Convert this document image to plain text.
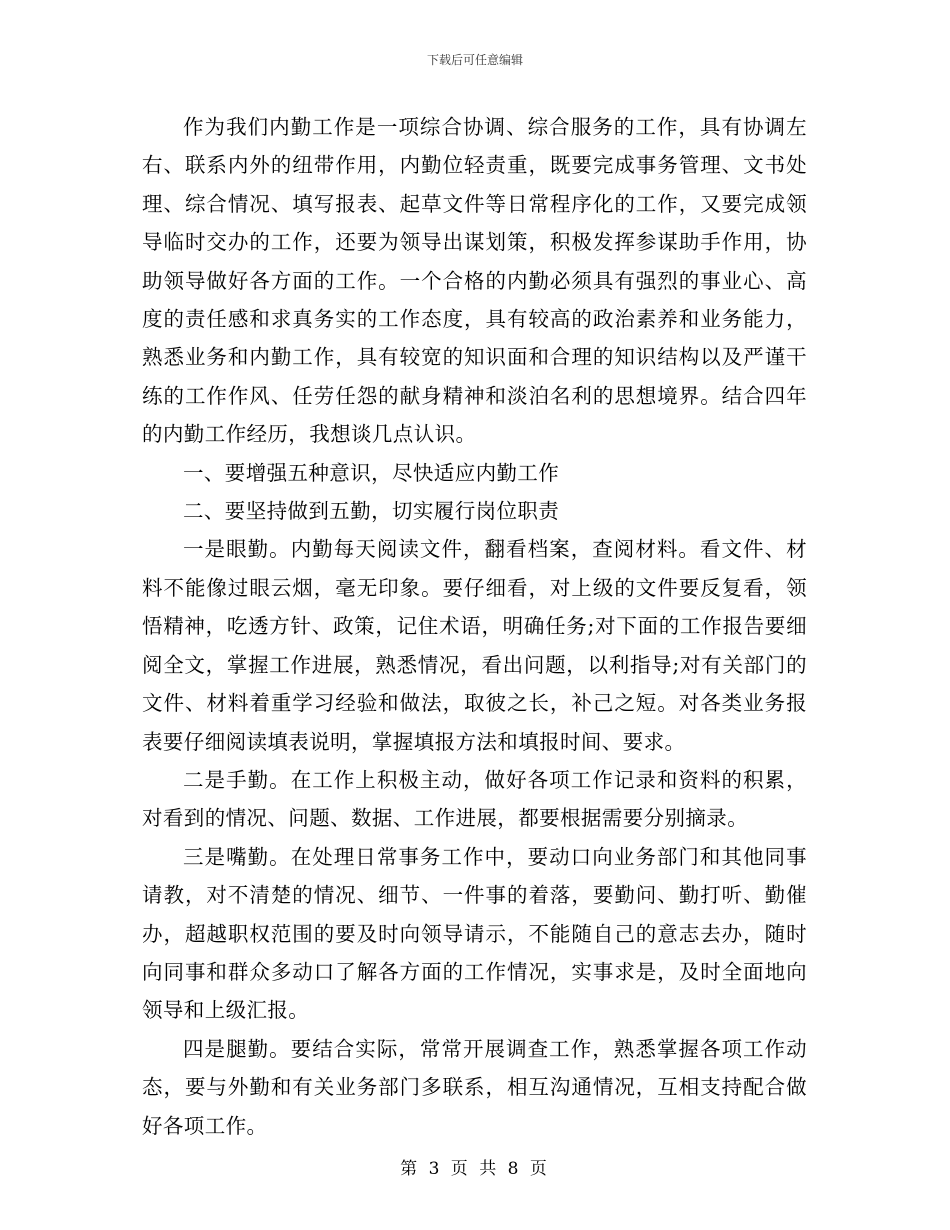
下载后可任意编辑

作为我们内勤工作是一项综合协调、综合服务的工作，具有协调左右、联系内外的纽带作用，内勤位轻责重，既要完成事务管理、文书处理、综合情况、填写报表、起草文件等日常程序化的工作，又要完成领导临时交办的工作，还要为领导出谋划策，积极发挥参谋助手作用，协助领导做好各方面的工作。一个合格的内勤必须具有强烈的事业心、高度的责任感和求真务实的工作态度，具有较高的政治素养和业务能力，熟悉业务和内勤工作，具有较宽的知识面和合理的知识结构以及严谨干练的工作作风、任劳任怨的献身精神和淡泊名利的思想境界。结合四年的内勤工作经历，我想谈几点认识。

一、要增强五种意识，尽快适应内勤工作

二、要坚持做到五勤，切实履行岗位职责

一是眼勤。内勤每天阅读文件，翻看档案，查阅材料。看文件、材料不能像过眼云烟，毫无印象。要仔细看，对上级的文件要反复看，领悟精神，吃透方针、政策，记住术语，明确任务;对下面的工作报告要细阅全文，掌握工作进展，熟悉情况，看出问题，以利指导;对有关部门的文件、材料着重学习经验和做法，取彼之长，补己之短。对各类业务报表要仔细阅读填表说明，掌握填报方法和填报时间、要求。

二是手勤。在工作上积极主动，做好各项工作记录和资料的积累，对看到的情况、问题、数据、工作进展，都要根据需要分别摘录。

三是嘴勤。在处理日常事务工作中，要动口向业务部门和其他同事请教，对不清楚的情况、细节、一件事的着落，要勤问、勤打听、勤催办，超越职权范围的要及时向领导请示，不能随自己的意志去办，随时向同事和群众多动口了解各方面的工作情况，实事求是，及时全面地向领导和上级汇报。

四是腿勤。要结合实际，常常开展调查工作，熟悉掌握各项工作动态，要与外勤和有关业务部门多联系，相互沟通情况，互相支持配合做好各项工作。

第 3 页 共 8 页
